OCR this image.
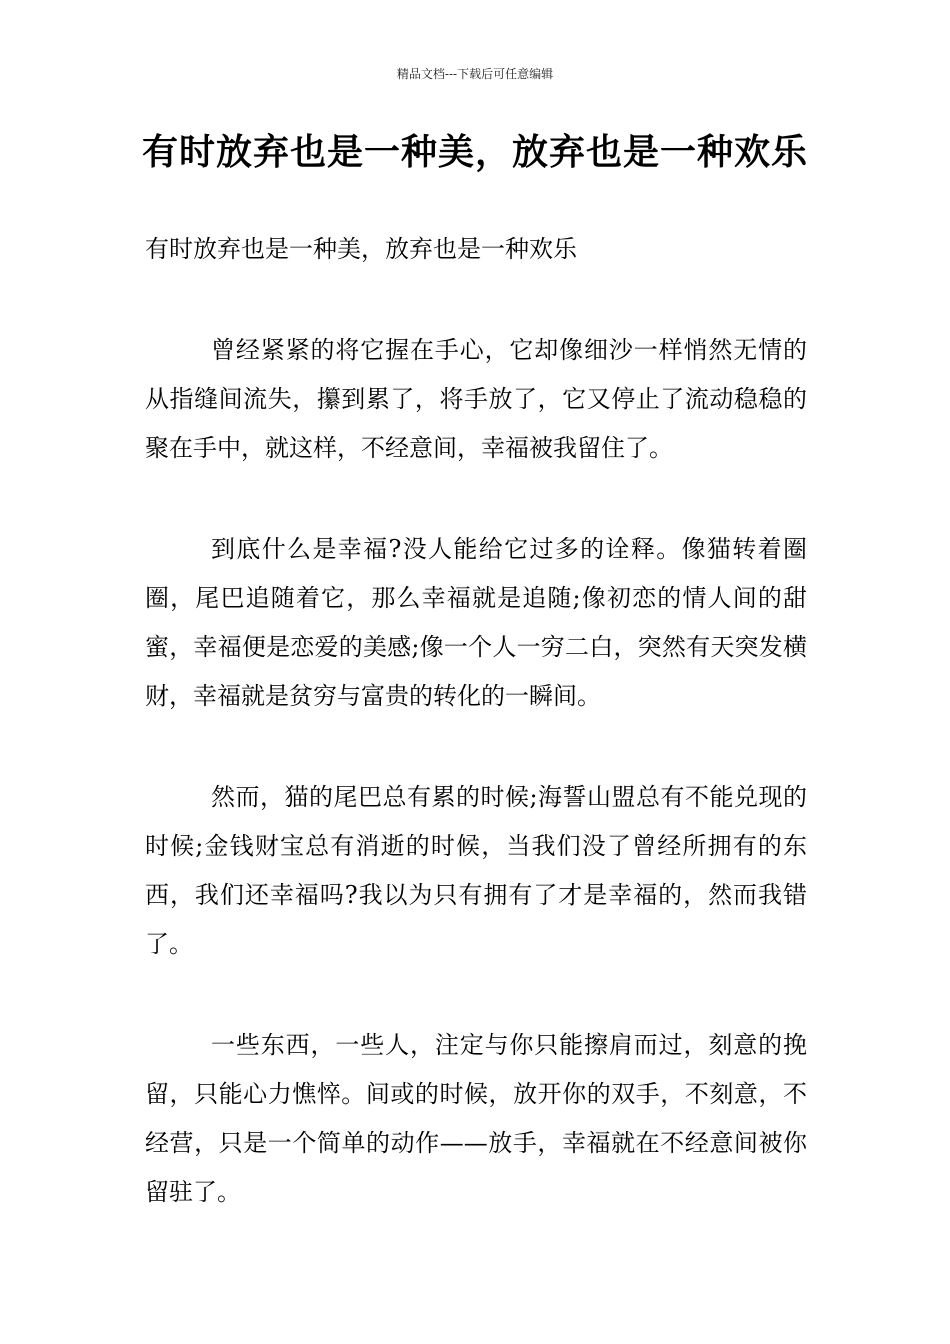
精品文档---下载后可任意编辑
有时放弃也是一种美，放弃也是一种欢乐
有时放弃也是一种美，放弃也是一种欢乐

曾经紧紧的将它握在手心，它却像细沙一样悄然无情的从指缝间流失，攥到累了，将手放了，它又停止了流动稳稳的聚在手中，就这样，不经意间，幸福被我留住了。

到底什么是幸福?没人能给它过多的诠释。像猫转着圈圈，尾巴追随着它，那么幸福就是追随;像初恋的情人间的甜蜜，幸福便是恋爱的美感;像一个人一穷二白，突然有天突发横财，幸福就是贫穷与富贵的转化的一瞬间。

然而，猫的尾巴总有累的时候;海誓山盟总有不能兑现的时候;金钱财宝总有消逝的时候，当我们没了曾经所拥有的东西，我们还幸福吗?我以为只有拥有了才是幸福的，然而我错了。

一些东西，一些人，注定与你只能擦肩而过，刻意的挽留，只能心力憔悴。间或的时候，放开你的双手，不刻意，不经营，只是一个简单的动作——放手，幸福就在不经意间被你留驻了。
